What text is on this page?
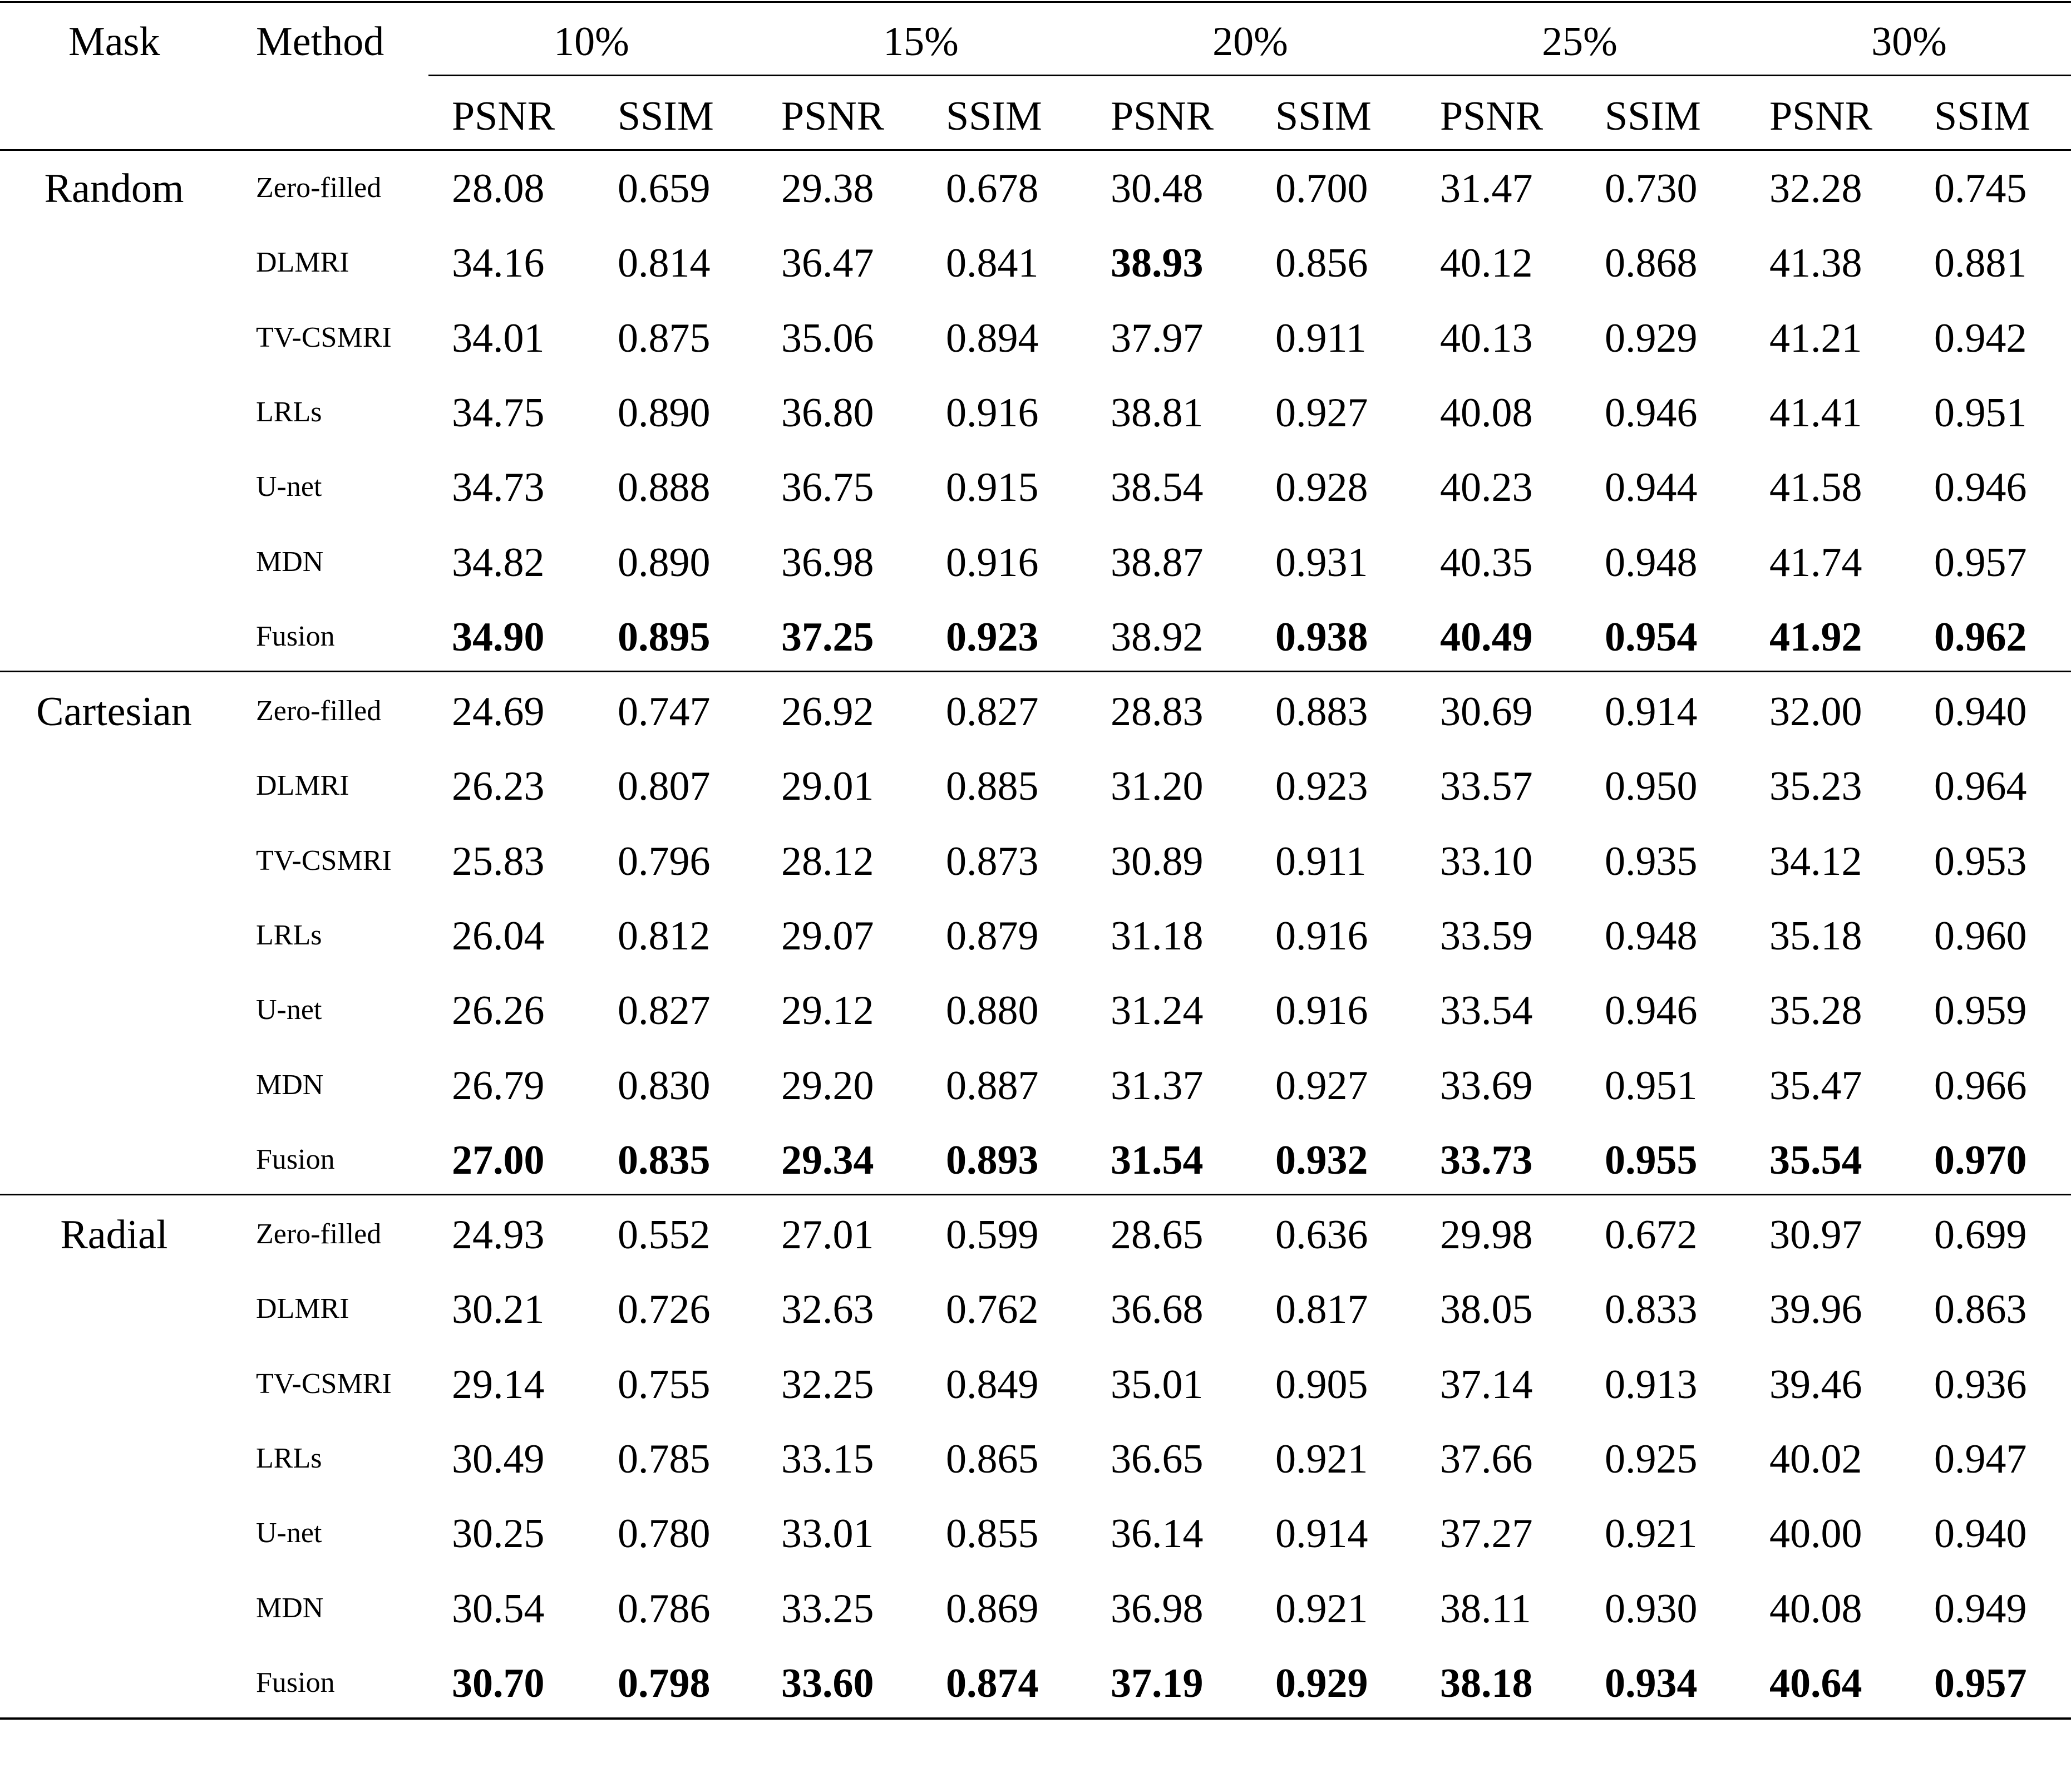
Mask Method	10%	15%	20%	25%	30%
PSNR SSIM PSNR SSIM PSNR SSIM PSNR SSIM PSNR SSIM
Random Zero-filled 28.08 0.659 29.38 0.678 30.48 0.700 31.47 0.730 32.28 0.745
DLMRI 34.16 0.814 36.47 0.841 38.93 0.856 40.12 0.868 41.38 0.881
TV-CSMRI 34.01 0.875 35.06 0.894 37.97 0.911 40.13 0.929 41.21 0.942
LRLs	34.75 0.890 36.80 0.916 38.81 0.927 40.08 0.946 41.41 0.951
U-net	34.73 0.888 36.75 0.915 38.54 0.928 40.23 0.944 41.58 0.946
MDN	34.82 0.890 36.98 0.916 38.87 0.931 40.35 0.948 41.74 0.957
Fusion	34.90 0.895 37.25 0.923 38.92 0.938 40.49 0.954 41.92 0.962
Cartesian Zero-filled 24.69 0.747 26.92 0.827 28.83 0.883 30.69 0.914 32.00 0.940
DLMRI 26.23 0.807 29.01 0.885 31.20 0.923 33.57 0.950 35.23 0.964
TV-CSMRI 25.83 0.796 28.12 0.873 30.89 0.911 33.10 0.935 34.12 0.953
LRLs	26.04 0.812 29.07 0.879 31.18 0.916 33.59 0.948 35.18 0.960
U-net	26.26 0.827 29.12 0.880 31.24 0.916 33.54 0.946 35.28 0.959
MDN	26.79 0.830 29.20 0.887 31.37 0.927 33.69 0.951 35.47 0.966
Fusion	27.00 0.835 29.34 0.893 31.54 0.932 33.73 0.955 35.54 0.970
Radial	Zero-filled 24.93 0.552 27.01 0.599 28.65 0.636 29.98 0.672 30.97 0.699
DLMRI 30.21 0.726 32.63 0.762 36.68 0.817 38.05 0.833 39.96 0.863
TV-CSMRI 29.14 0.755 32.25 0.849 35.01 0.905 37.14 0.913 39.46 0.936
LRLs	30.49 0.785 33.15 0.865 36.65 0.921 37.66 0.925 40.02 0.947
U-net	30.25 0.780 33.01 0.855 36.14 0.914 37.27 0.921 40.00 0.940
MDN	30.54 0.786 33.25 0.869 36.98 0.921 38.11 0.930 40.08 0.949
Fusion	30.70 0.798 33.60 0.874 37.19 0.929 38.18 0.934 40.64 0.957
